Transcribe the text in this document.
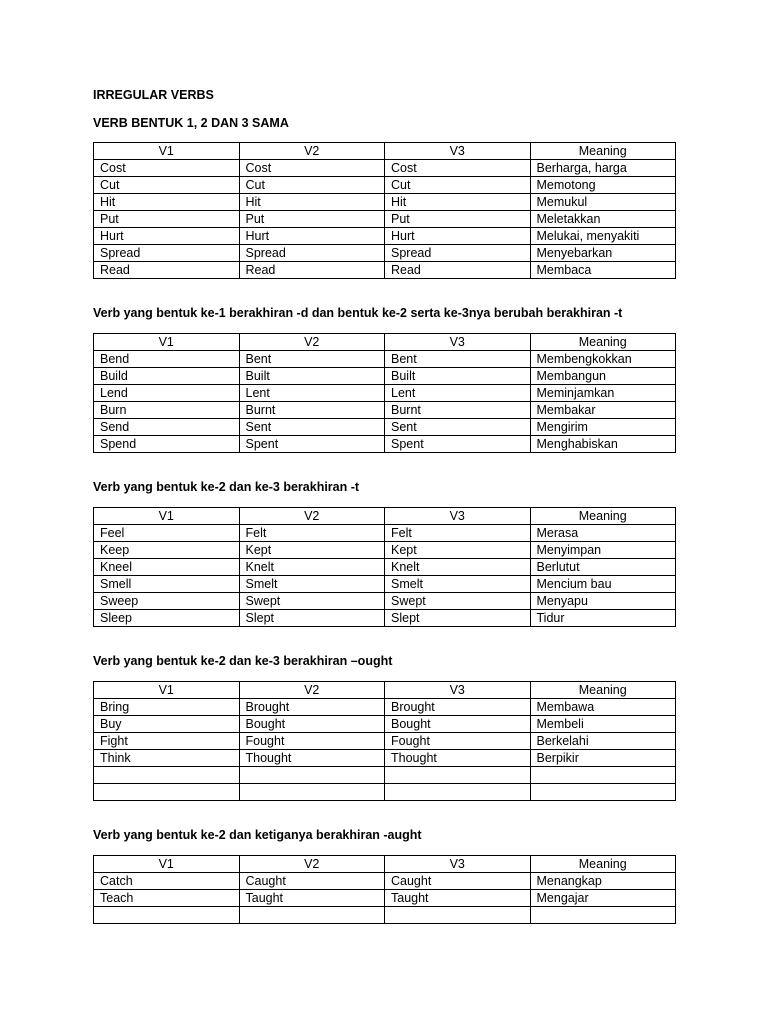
IRREGULAR VERBS
VERB BENTUK 1, 2 DAN 3 SAMA
V1	V2	V3	Meaning
Cost	Cost	Cost	Berharga, harga
Cut	Cut	Cut	Memotong
Hit	Hit	Hit	Memukul
Put	Put	Put	Meletakkan
Hurt	Hurt	Hurt	Melukai, menyakiti
Spread	Spread	Spread	Menyebarkan
Read	Read	Read	Membaca
Verb yang bentuk ke-1 berakhiran -d dan bentuk ke-2 serta ke-3nya berubah berakhiran -t
V1	V2	V3	Meaning
Bend	Bent	Bent	Membengkokkan
Build	Built	Built	Membangun
Lend	Lent	Lent	Meminjamkan
Burn	Burnt	Burnt	Membakar
Send	Sent	Sent	Mengirim
Spend	Spent	Spent	Menghabiskan
Verb yang bentuk ke-2 dan ke-3 berakhiran -t
V1	V2	V3	Meaning
Feel	Felt	Felt	Merasa
Keep	Kept	Kept	Menyimpan
Kneel	Knelt	Knelt	Berlutut
Smell	Smelt	Smelt	Mencium bau
Sweep	Swept	Swept	Menyapu
Sleep	Slept	Slept	Tidur
Verb yang bentuk ke-2 dan ke-3 berakhiran –ought
V1	V2	V3	Meaning
Bring	Brought	Brought	Membawa
Buy	Bought	Bought	Membeli
Fight	Fought	Fought	Berkelahi
Think	Thought	Thought	Berpikir

Verb yang bentuk ke-2 dan ketiganya berakhiran -aught
V1	V2	V3	Meaning
Catch	Caught	Caught	Menangkap
Teach	Taught	Taught	Mengajar
